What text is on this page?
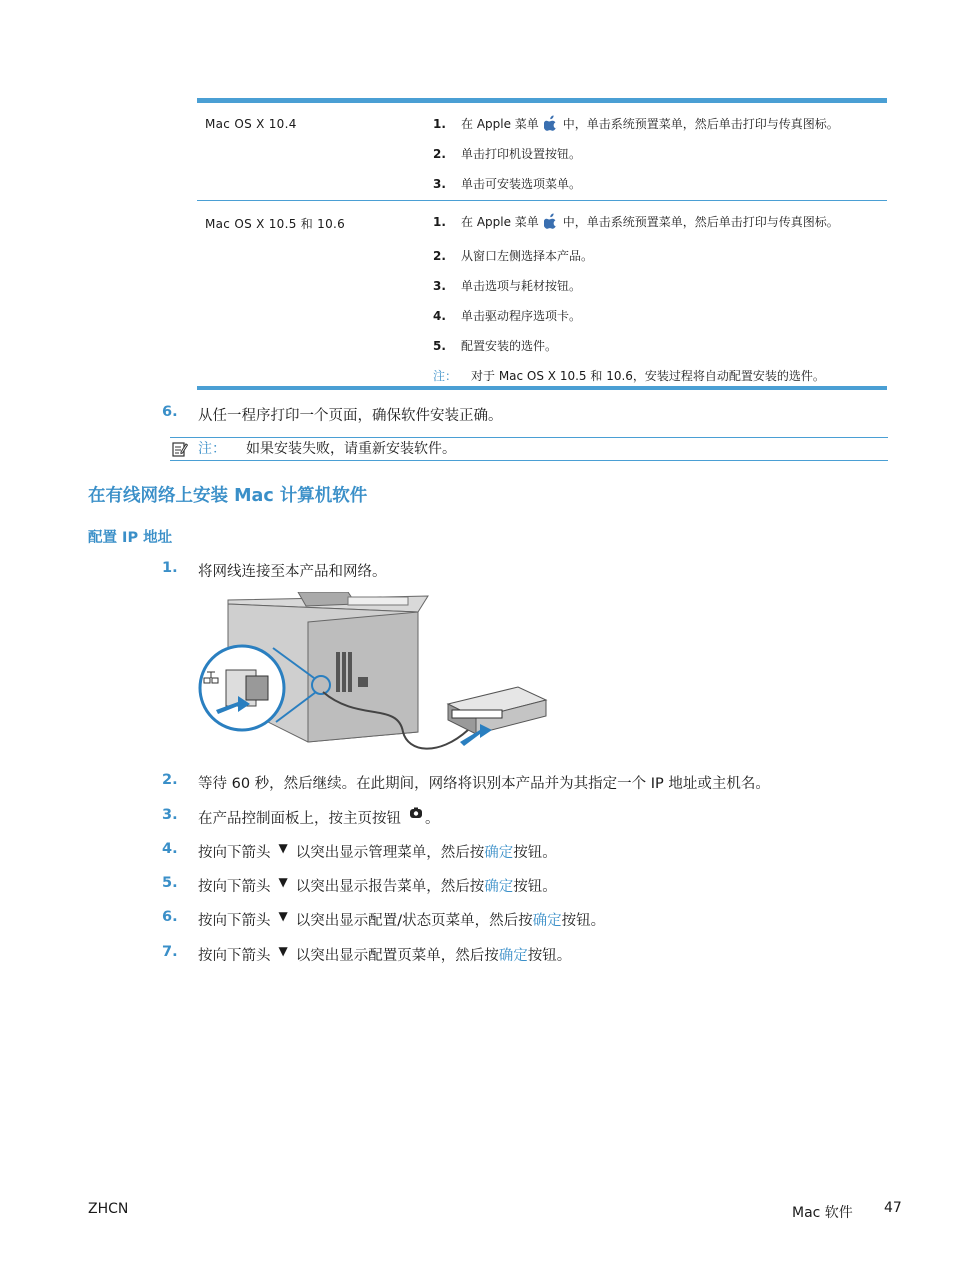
Mac OS X 10.4	1.	在 Apple 菜单 中，单击系统预置菜单，然后单击打印与传真图标。
2.	单击打印机设置按钮。
3.	单击可安装选项菜单。
Mac OS X 10.5 和 10.6	1.	在 Apple 菜单 中，单击系统预置菜单，然后单击打印与传真图标。
2.	从窗口左侧选择本产品。
3.	单击选项与耗材按钮。
4.	单击驱动程序选项卡。
5.	配置安装的选件。
注：	对于 Mac OS X 10.5 和 10.6，安装过程将自动配置安装的选件。
6.	从任一程序打印一个页面，确保软件安装正确。
注： 如果安装失败，请重新安装软件。
在有线网络上安装 Mac 计算机软件
配置 IP 地址
1.	将网线连接至本产品和网络。
2.	等待 60 秒，然后继续。在此期间，网络将识别本产品并为其指定一个 IP 地址或主机名。
3.	在产品控制面板上，按主页按钮 。
4.	按向下箭头 ▼ 以突出显示管理菜单，然后按 确定 按钮。
5.	按向下箭头 ▼ 以突出显示报告菜单，然后按 确定 按钮。
6.	按向下箭头 ▼ 以突出显示配置/状态页菜单，然后按 确定 按钮。
7.	按向下箭头 ▼ 以突出显示配置页菜单，然后按 确定 按钮。
ZHCN	Mac 软件 47
